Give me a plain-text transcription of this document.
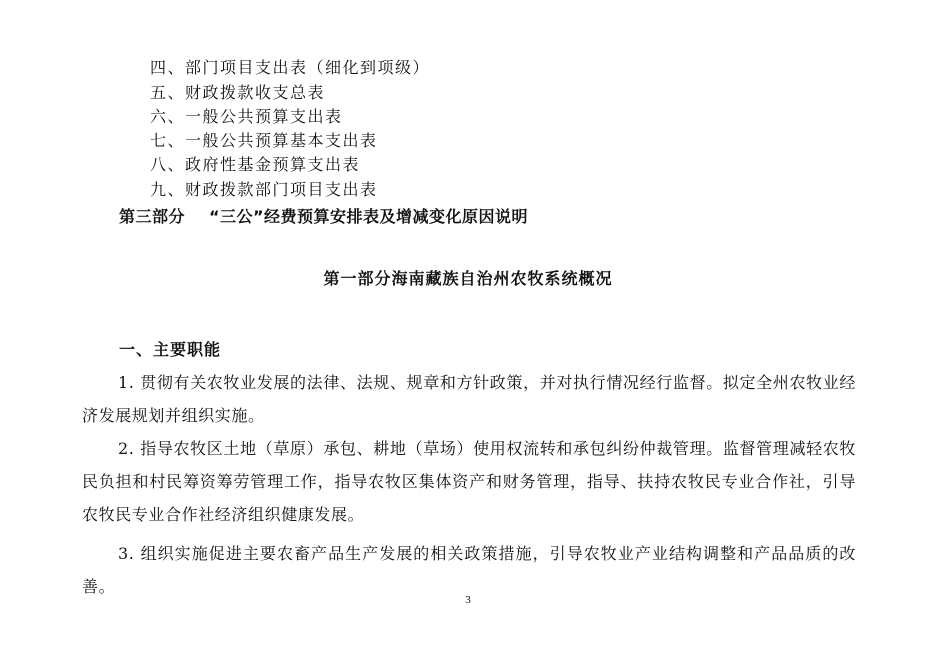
四、部门项目支出表（细化到项级）
五、财政拨款收支总表
六、一般公共预算支出表
七、一般公共预算基本支出表
八、政府性基金预算支出表
九、财政拨款部门项目支出表
第三部分 “三公”经费预算安排表及增减变化原因说明
第一部分海南藏族自治州农牧系统概况
一、主要职能

1. 贯彻有关农牧业发展的法律、法规、规章和方针政策，并对执行情况经行监督。拟定全州农牧业经济发展规划并组织实施。

2. 指导农牧区土地（草原）承包、耕地（草场）使用权流转和承包纠纷仲裁管理。监督管理减轻农牧民负担和村民筹资筹劳管理工作，指导农牧区集体资产和财务管理，指导、扶持农牧民专业合作社，引导农牧民专业合作社经济组织健康发展。

3. 组织实施促进主要农畜产品生产发展的相关政策措施，引导农牧业产业结构调整和产品品质的改善。

3
